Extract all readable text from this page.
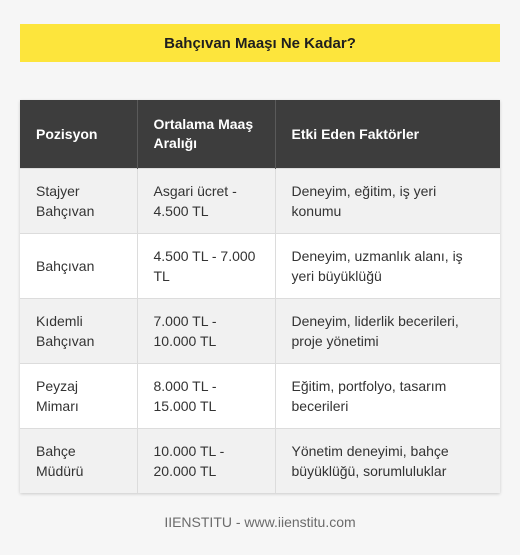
Bahçıvan Maaşı Ne Kadar?
Pozisyon	Ortalama Maaş Aralığı	Etki Eden Faktörler
Stajyer Bahçıvan	Asgari ücret - 4.500 TL	Deneyim, eğitim, iş yeri konumu
Bahçıvan	4.500 TL - 7.000 TL	Deneyim, uzmanlık alanı, iş yeri büyüklüğü
Kıdemli Bahçıvan	7.000 TL - 10.000 TL	Deneyim, liderlik becerileri, proje yönetimi
Peyzaj Mimarı	8.000 TL - 15.000 TL	Eğitim, portfolyo, tasarım becerileri
Bahçe Müdürü	10.000 TL - 20.000 TL	Yönetim deneyimi, bahçe büyüklüğü, sorumluluklar
IIENSTITU - www.iienstitu.com
